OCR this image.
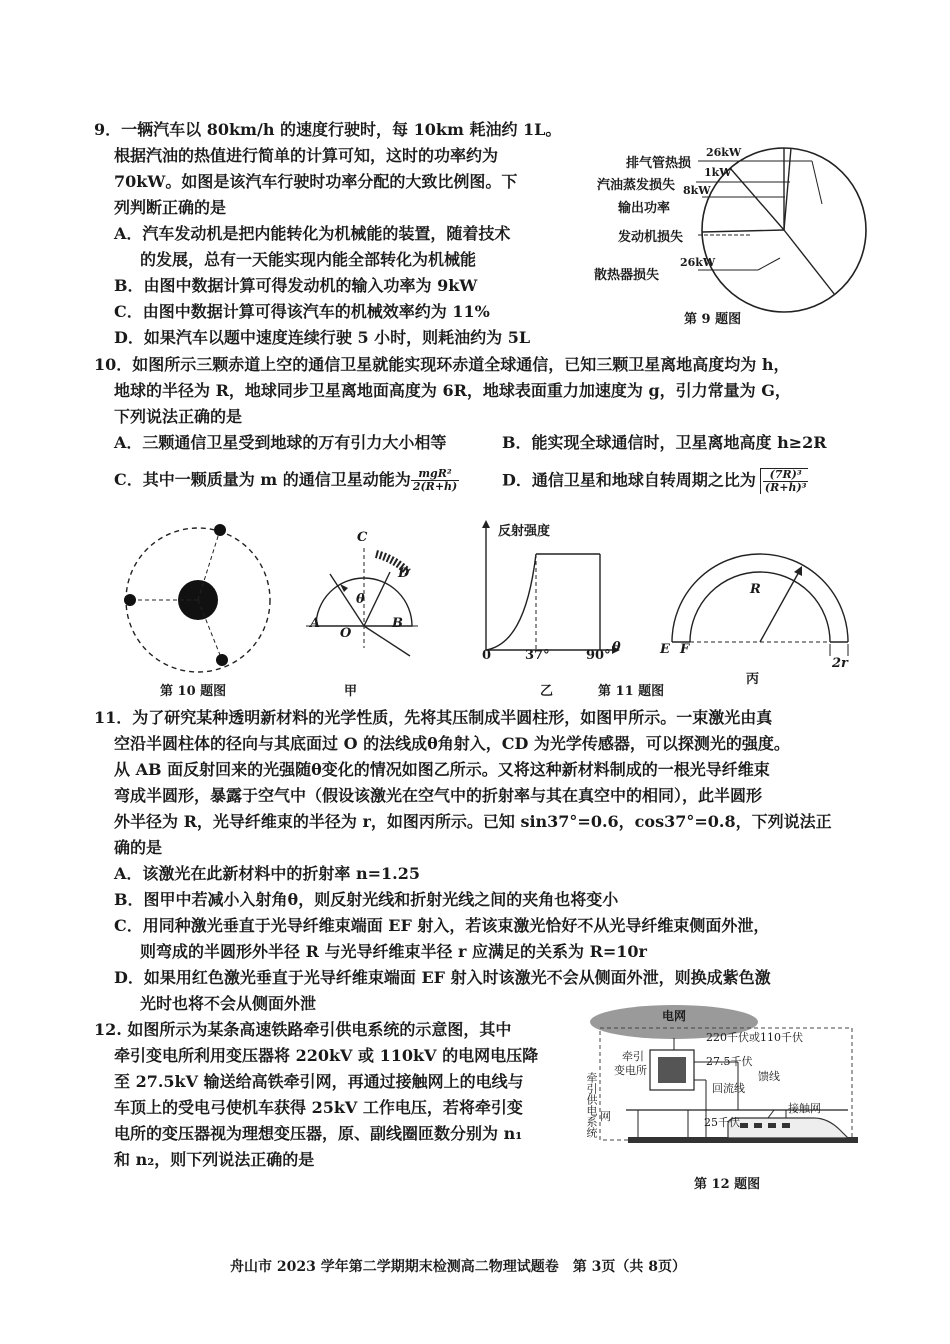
9．一辆汽车以 80km/h 的速度行驶时，每 10km 耗油约 1L。
根据汽油的热值进行简单的计算可知，这时的功率约为
70kW。如图是该汽车行驶时功率分配的大致比例图。下
列判断正确的是
A．汽车发动机是把内能转化为机械能的装置，随着技术
的发展，总有一天能实现内能全部转化为机械能
B．由图中数据计算可得发动机的输入功率为 9kW
C．由图中数据计算可得该汽车的机械效率约为 11%
D．如果汽车以题中速度连续行驶 5 小时，则耗油约为 5L
排气管热损
26kW
汽油蒸发损失
1kW
输出功率
8kW
发动机损失
散热器损失
26kW
第 9 题图
10．如图所示三颗赤道上空的通信卫星就能实现环赤道全球通信，已知三颗卫星离地高度均为 h，
地球的半径为 R，地球同步卫星离地面高度为 6R，地球表面重力加速度为 g，引力常量为 G，
下列说法正确的是
A．三颗通信卫星受到地球的万有引力大小相等	B．能实现全球通信时，卫星离地高度 h≥2R
C．其中一颗质量为 m 的通信卫星动能为 $\frac{\text{mgR²}}{2(R+h)}$	D．通信卫星和地球自转周期之比为 $\frac{\text{(7R)³}}{\text{(R+h)³}}$
第 10 题图
C
D
A
O
B
θ
甲
反射强度
0	37°	90°
θ
乙	第 11 题图
R
E F
2r
丙
11．为了研究某种透明新材料的光学性质，先将其压制成半圆柱形，如图甲所示。一束激光由真
空沿半圆柱体的径向与其底面过 O 的法线成θ角射入，CD 为光学传感器，可以探测光的强度。
从 AB 面反射回来的光强随θ变化的情况如图乙所示。又将这种新材料制成的一根光导纤维束
弯成半圆形，暴露于空气中（假设该激光在空气中的折射率与其在真空中的相同），此半圆形
外半径为 R，光导纤维束的半径为 r，如图丙所示。已知 sin37°=0.6，cos37°=0.8，下列说法正
确的是
A．该激光在此新材料中的折射率 n=1.25
B．图甲中若减小入射角θ，则反射光线和折射光线之间的夹角也将变小
C．用同种激光垂直于光导纤维束端面 EF 射入，若该束激光恰好不从光导纤维束侧面外泄，
则弯成的半圆形外半径 R 与光导纤维束半径 r 应满足的关系为 R=10r
D．如果用红色激光垂直于光导纤维束端面 EF 射入时该激光不会从侧面外泄，则换成紫色激
光时也将不会从侧面外泄
12. 如图所示为某条高速铁路牵引供电系统的示意图，其中
牵引变电所利用变压器将 220kV 或 110kV 的电网电压降
至 27.5kV 输送给高铁牵引网，再通过接触网上的电线与
车顶上的受电弓使机车获得 25kV 工作电压，若将牵引变
电所的变压器视为理想变压器，原、副线圈匝数分别为 n₁
和 n₂，则下列说法正确的是
电网
220千伏或110千伏
牵引
变电所
27.5千伏
馈线
回流线
接触网
25千伏
牵引供电系统 网
第 12 题图
舟山市 2023 学年第二学期期末检测高二物理试题卷　第 3页（共 8页）
